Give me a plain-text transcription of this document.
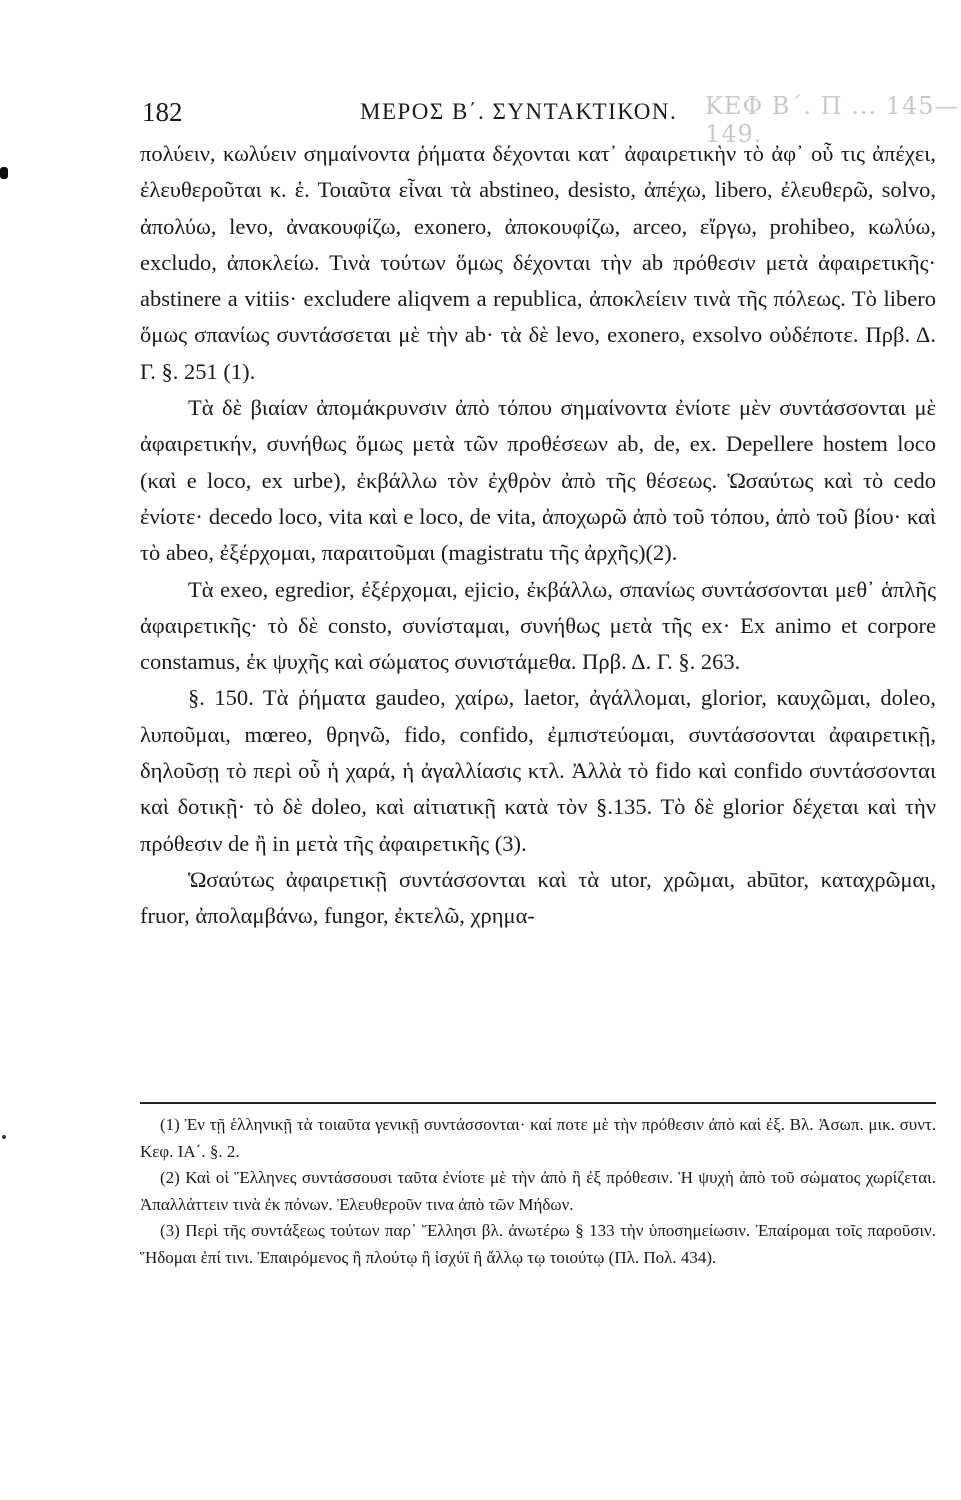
ΚΕΦ Β΄. Π ... 145—149.
182	ΜΕΡΟΣ Β΄. ΣΥΝΤΑΚΤΙΚΟΝ.

πολύειν, κωλύειν σημαίνοντα ῥήματα δέχονται κατ᾽ ἀφαιρετικὴν τὸ ἀφ᾽ οὗ τις ἀπέχει, ἐλευθεροῦται κ. ἑ. Τοιαῦτα εἶναι τὰ abstineo, desisto, ἀπέχω, libero, ἐλευθερῶ, solvo, ἀπολύω, levo, ἀνακουφίζω, exonero, ἀποκουφίζω, arceo, εἴργω, prohibeo, κωλύω, excludo, ἀποκλείω. Τινὰ τούτων ὅμως δέχονται τὴν ab πρόθεσιν μετὰ ἀφαιρετικῆς· abstinere a vitiis· excludere aliqvem a republica, ἀποκλείειν τινὰ τῆς πόλεως. Τὸ libero ὅμως σπανίως συντάσσεται μὲ τὴν ab· τὰ δὲ levo, exonero, exsolvo οὐδέποτε. Πρβ. Δ. Γ. §. 251 (1).

Τὰ δὲ βιαίαν ἀπομάκρυνσιν ἀπὸ τόπου σημαίνοντα ἐνίοτε μὲν συντάσσονται μὲ ἀφαιρετικήν, συνήθως ὅμως μετὰ τῶν προθέσεων ab, de, ex. Depellere hostem loco (καὶ e loco, ex urbe), ἐκβάλλω τὸν ἐχθρὸν ἀπὸ τῆς θέσεως. Ὡσαύτως καὶ τὸ cedo ἐνίοτε· decedo loco, vita καὶ e loco, de vita, ἀποχωρῶ ἀπὸ τοῦ τόπου, ἀπὸ τοῦ βίου· καὶ τὸ abeo, ἐξέρχομαι, παραιτοῦμαι (magistratu τῆς ἀρχῆς)(2).

Τὰ exeo, egredior, ἐξέρχομαι, ejicio, ἐκβάλλω, σπανίως συντάσσονται μεθ᾽ ἁπλῆς ἀφαιρετικῆς· τὸ δὲ consto, συνίσταμαι, συνήθως μετὰ τῆς ex· Ex animo et corpore constamus, ἐκ ψυχῆς καὶ σώματος συνιστάμεθα. Πρβ. Δ. Γ. §. 263.

§. 150. Τὰ ῥήματα gaudeo, χαίρω, laetor, ἀγάλλομαι, glorior, καυχῶμαι, doleo, λυποῦμαι, mœreo, θρηνῶ, fido, confido, ἐμπιστεύομαι, συντάσσονται ἀφαιρετικῇ, δηλοῦσῃ τὸ περὶ οὗ ἡ χαρά, ἡ ἀγαλλίασις κτλ. Ἀλλὰ τὸ fido καὶ confido συντάσσονται καὶ δοτικῇ· τὸ δὲ doleo, καὶ αἰτιατικῇ κατὰ τὸν §.135. Τὸ δὲ glorior δέχεται καὶ τὴν πρόθεσιν de ἢ in μετὰ τῆς ἀφαιρετικῆς (3).

Ὡσαύτως ἀφαιρετικῇ συντάσσονται καὶ τὰ utor, χρῶμαι, abūtor, καταχρῶμαι, fruor, ἀπολαμβάνω, fungor, ἐκτελῶ, χρημα-

(1) Ἐν τῇ ἑλληνικῇ τὰ τοιαῦτα γενικῇ συντάσσονται· καί ποτε μὲ τὴν πρόθεσιν ἀπὸ καὶ ἐξ. Βλ. Ἀσωπ. μικ. συντ. Κεφ. ΙΑ΄. §. 2.

(2) Καὶ οἱ Ἕλληνες συντάσσουσι ταῦτα ἐνίοτε μὲ τὴν ἀπὸ ἢ ἐξ πρόθεσιν. Ἡ ψυχὴ ἀπὸ τοῦ σώματος χωρίζεται. Ἀπαλλάττειν τινὰ ἐκ πόνων. Ἐλευθεροῦν τινα ἀπὸ τῶν Μήδων.

(3) Περὶ τῆς συντάξεως τούτων παρ᾽ Ἕλλησι βλ. ἀνωτέρω § 133 τὴν ὑποσημείωσιν. Ἐπαίρομαι τοῖς παροῦσιν. Ἥδομαι ἐπί τινι. Ἐπαιρόμενος ἢ πλούτῳ ἢ ἰσχύϊ ἢ ἄλλῳ τῳ τοιούτῳ (Πλ. Πολ. 434).
